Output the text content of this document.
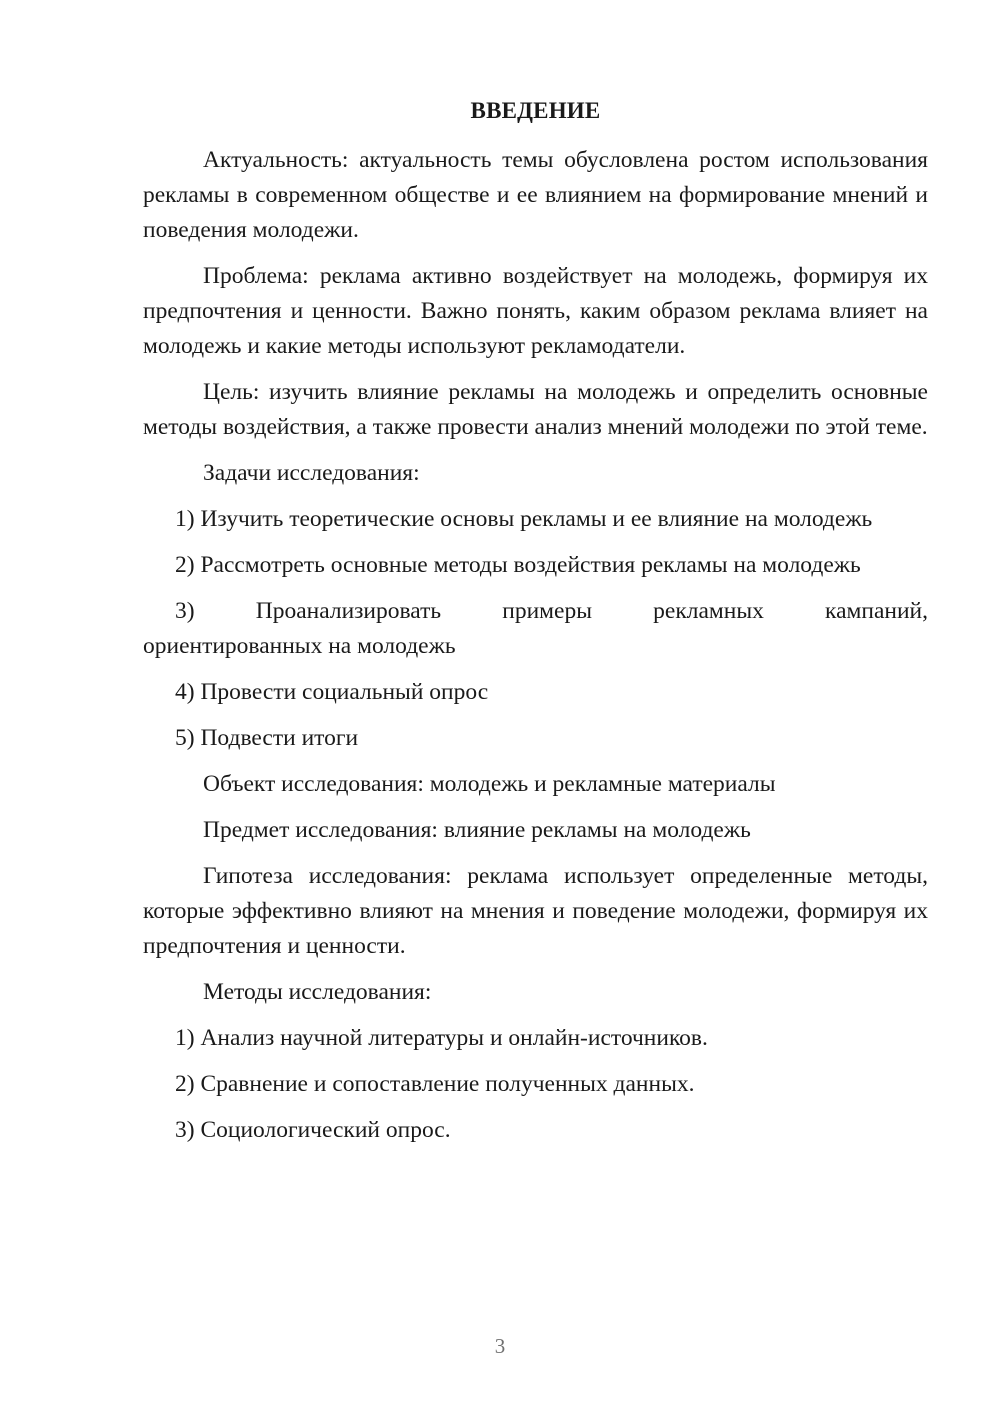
ВВЕДЕНИЕ

Актуальность: актуальность темы обусловлена ростом использования рекламы в современном обществе и ее влиянием на формирование мнений и поведения молодежи.

Проблема: реклама активно воздействует на молодежь, формируя их предпочтения и ценности. Важно понять, каким образом реклама влияет на молодежь и какие методы используют рекламодатели.

Цель: изучить влияние рекламы на молодежь и определить основные методы воздействия, а также провести анализ мнений молодежи по этой теме.

Задачи исследования:

1) Изучить теоретические основы рекламы и ее влияние на молодежь

2) Рассмотреть основные методы воздействия рекламы на молодежь

3) Проанализировать примеры рекламных кампаний,
ориентированных на молодежь

4) Провести социальный опрос

5) Подвести итоги

Объект исследования: молодежь и рекламные материалы

Предмет исследования: влияние рекламы на молодежь

Гипотеза исследования: реклама использует определенные методы, которые эффективно влияют на мнения и поведение молодежи, формируя их предпочтения и ценности.

Методы исследования:

1) Анализ научной литературы и онлайн-источников.

2) Сравнение и сопоставление полученных данных.

3) Социологический опрос.

3
